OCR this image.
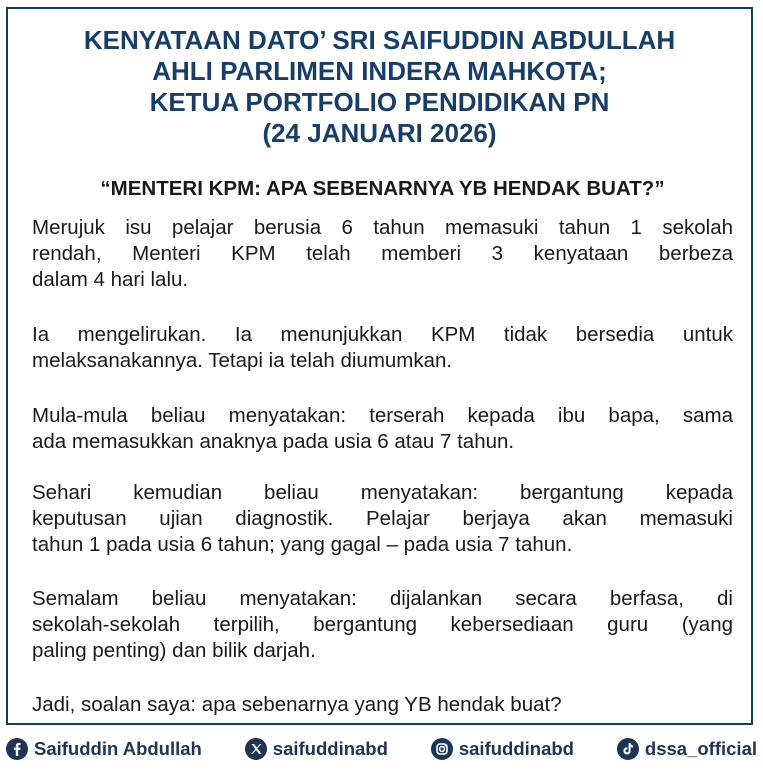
KENYATAAN DATO’ SRI SAIFUDDIN ABDULLAH
AHLI PARLIMEN INDERA MAHKOTA;
KETUA PORTFOLIO PENDIDIKAN PN
(24 JANUARI 2026)
“MENTERI KPM: APA SEBENARNYA YB HENDAK BUAT?”

Merujuk isu pelajar berusia 6 tahun memasuki tahun 1 sekolah
rendah, Menteri KPM telah memberi 3 kenyataan berbeza
dalam 4 hari lalu.

Ia mengelirukan. Ia menunjukkan KPM tidak bersedia untuk
melaksanakannya. Tetapi ia telah diumumkan.

Mula-mula beliau menyatakan: terserah kepada ibu bapa, sama
ada memasukkan anaknya pada usia 6 atau 7 tahun.

Sehari kemudian beliau menyatakan: bergantung kepada
keputusan ujian diagnostik. Pelajar berjaya akan memasuki
tahun 1 pada usia 6 tahun; yang gagal – pada usia 7 tahun.

Semalam beliau menyatakan: dijalankan secara berfasa, di
sekolah-sekolah terpilih, bergantung kebersediaan guru (yang
paling penting) dan bilik darjah.

Jadi, soalan saya: apa sebenarnya yang YB hendak buat?

Saifuddin Abdullah	saifuddinabd	saifuddinabd	dssa_official
